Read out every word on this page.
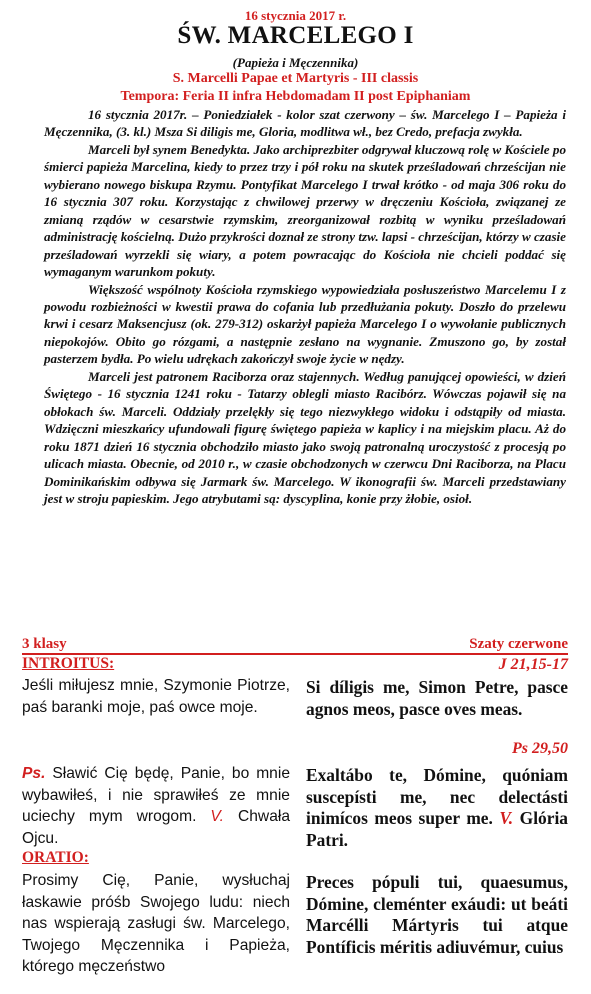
16 stycznia 2017 r.
ŚW. MARCELEGO I
(Papieża i Męczennika)
S. Marcelli Papae et Martyris - III classis
Tempora: Feria II infra Hebdomadam II post Epiphaniam

16 stycznia 2017r. – Poniedziałek - kolor szat czerwony – św. Marcelego I – Papieża i Męczennika, (3. kl.) Msza Si diligis me, Gloria, modlitwa wł., bez Credo, prefacja zwykła.

Marceli był synem Benedykta. Jako archiprezbiter odgrywał kluczową rolę w Kościele po śmierci papieża Marcelina, kiedy to przez trzy i pół roku na skutek prześladowań chrześcijan nie wybierano nowego biskupa Rzymu. Pontyfikat Marcelego I trwał krótko - od maja 306 roku do 16 stycznia 307 roku. Korzystając z chwilowej przerwy w dręczeniu Kościoła, związanej ze zmianą rządów w cesarstwie rzymskim, zreorganizował rozbitą w wyniku prześladowań administrację kościelną. Dużo przykrości doznał ze strony tzw. lapsi - chrześcijan, którzy w czasie prześladowań wyrzekli się wiary, a potem powracając do Kościoła nie chcieli poddać się wymaganym warunkom pokuty.

Większość wspólnoty Kościoła rzymskiego wypowiedziała posłuszeństwo Marcelemu I z powodu rozbieżności w kwestii prawa do cofania lub przedłużania pokuty. Doszło do przelewu krwi i cesarz Maksencjusz (ok. 279-312) oskarżył papieża Marcelego I o wywołanie publicznych niepokojów. Obito go rózgami, a następnie zesłano na wygnanie. Zmuszono go, by został pasterzem bydła. Po wielu udrękach zakończył swoje życie w nędzy.

Marceli jest patronem Raciborza oraz stajennych. Według panującej opowieści, w dzień Świętego - 16 stycznia 1241 roku - Tatarzy oblegli miasto Racibórz. Wówczas pojawił się na obłokach św. Marceli. Oddziały przelękły się tego niezwykłego widoku i odstąpiły od miasta. Wdzięczni mieszkańcy ufundowali figurę świętego papieża w kaplicy i na miejskim placu. Aż do roku 1871 dzień 16 stycznia obchodziło miasto jako swoją patronalną uroczystość z procesją po ulicach miasta. Obecnie, od 2010 r., w czasie obchodzonych w czerwcu Dni Raciborza, na Placu Dominikańskim odbywa się Jarmark św. Marcelego. W ikonografii św. Marceli przedstawiany jest w stroju papieskim. Jego atrybutami są: dyscyplina, konie przy żłobie, osioł.

3 klasy	Szaty czerwone
INTROITUS:	J 21,15-17

Jeśli miłujesz mnie, Szymonie Piotrze, paś baranki moje, paś owce moje.

Si díligis me, Simon Petre, pasce agnos meos, pasce oves meas.

Ps 29,50

Ps. Sławić Cię będę, Panie, bo mnie wybawiłeś, i nie sprawiłeś ze mnie uciechy mym wrogom. V. Chwała Ojcu.

Exaltábo te, Dómine, quóniam suscepísti me, nec delectásti inimícos meos super me. V. Glória Patri.

ORATIO:

Prosimy Cię, Panie, wysłuchaj łaskawie próśb Swojego ludu: niech nas wspierają zasługi św. Marcelego, Twojego Męczennika i Papieża, którego męczeństwo

Preces pópuli tui, quaesumus, Dómine, cleménter exáudi: ut beáti Marcélli Mártyris tui atque Pontíficis méritis adiuvémur, cuius
